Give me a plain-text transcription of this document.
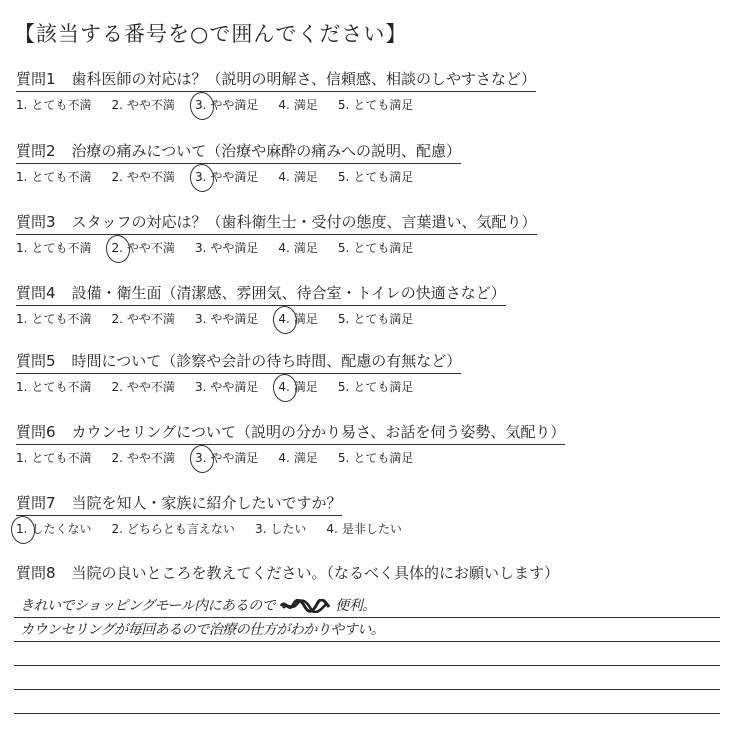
【該当する番号を○で囲んでください】
質問1 歯科医師の対応は？（説明の明解さ、信頼感、相談のしやすさなど）
1. とても不満 2. やや不満 3. やや満足 4. 満足 5. とても満足
質問2 治療の痛みについて（治療や麻酔の痛みへの説明、配慮）
1. とても不満 2. やや不満 3. やや満足 4. 満足 5. とても満足
質問3 スタッフの対応は？（歯科衛生士・受付の態度、言葉遣い、気配り）
1. とても不満 2. やや不満 3. やや満足 4. 満足 5. とても満足
質問4 設備・衛生面（清潔感、雰囲気、待合室・トイレの快適さなど）
1. とても不満 2. やや不満 3. やや満足 4. 満足 5. とても満足
質問5 時間について（診察や会計の待ち時間、配慮の有無など）
1. とても不満 2. やや不満 3. やや満足 4. 満足 5. とても満足
質問6 カウンセリングについて（説明の分かり易さ、お話を伺う姿勢、気配り）
1. とても不満 2. やや不満 3. やや満足 4. 満足 5. とても満足
質問7 当院を知人・家族に紹介したいですか？
1. したくない 2. どちらとも言えない 3. したい 4. 是非したい
質問8 当院の良いところを教えてください。（なるべく具体的にお願いします）
きれいでショッピングモール内にあるので	便利。
カウンセリングが毎回あるので治療の仕方がわかりやすい。
